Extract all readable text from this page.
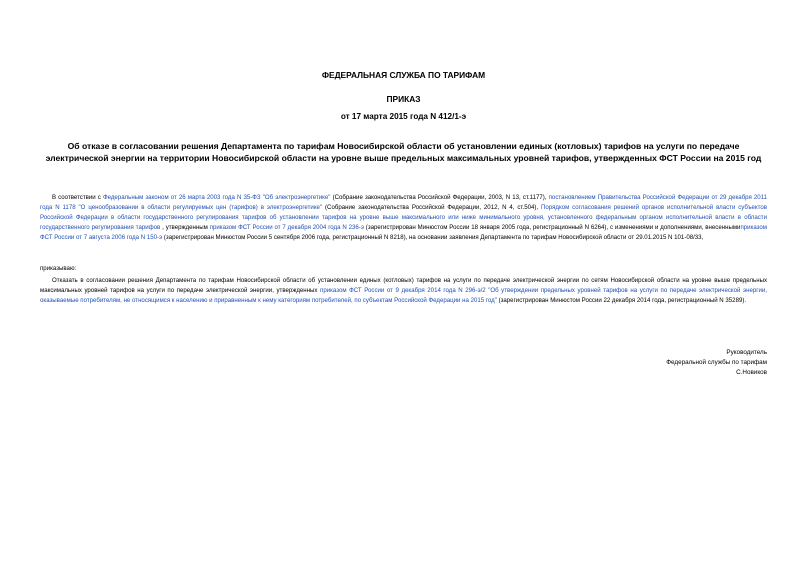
ФЕДЕРАЛЬНАЯ СЛУЖБА ПО ТАРИФАМ
ПРИКАЗ
от 17 марта 2015 года N 412/1-э
Об отказе в согласовании решения Департамента по тарифам Новосибирской области об установлении единых (котловых) тарифов на услуги по передаче электрической энергии на территории Новосибирской области на уровне выше предельных максимальных уровней тарифов, утвержденных ФСТ России на 2015 год
В соответствии с Федеральным законом от 26 марта 2003 года N 35-ФЗ "Об электроэнергетике" (Собрание законодательства Российской Федерации, 2003, N 13, ст.1177), постановлением Правительства Российской Федерации от 29 декабря 2011 года N 1178 "О ценообразовании в области регулируемых цен (тарифов) в электроэнергетике" (Собрание законодательства Российской Федерации, 2012, N 4, ст.504), Порядком согласования решений органов исполнительной власти субъектов Российской Федерации в области государственного регулирования тарифов об установлении тарифов на уровне выше максимального или ниже минимального уровня, установленного федеральным органом исполнительной власти в области государственного регулирования тарифов , утвержденным приказом ФСТ России от 7 декабря 2004 года N 236-э (зарегистрирован Минюстом России 18 января 2005 года, регистрационный N 6264), с изменениями и дополнениями, внесеннымиприказом ФСТ России от 7 августа 2006 года N 150-э (зарегистрирован Минюстом России 5 сентября 2006 года, регистрационный N 8218), на основании заявления Департамента по тарифам Новосибирской области от 29.01.2015 N 101-08/33,
приказываю:
Отказать в согласовании решения Департамента по тарифам Новосибирской области об установлении единых (котловых) тарифов на услуги по передаче электрической энергии по сетям Новосибирской области на уровне выше предельных максимальных уровней тарифов на услуги по передаче электрической энергии, утвержденных приказом ФСТ России от 9 декабря 2014 года N 296-э/2 "Об утверждении предельных уровней тарифов на услуги по передаче электрической энергии, оказываемые потребителям, не относящимся к населению и приравненным к нему категориям потребителей, по субъектам Российской Федерации на 2015 год" (зарегистрирован Минюстом России 22 декабря 2014 года, регистрационный N 35289).
Руководитель
Федеральной службы по тарифам
С.Новиков
